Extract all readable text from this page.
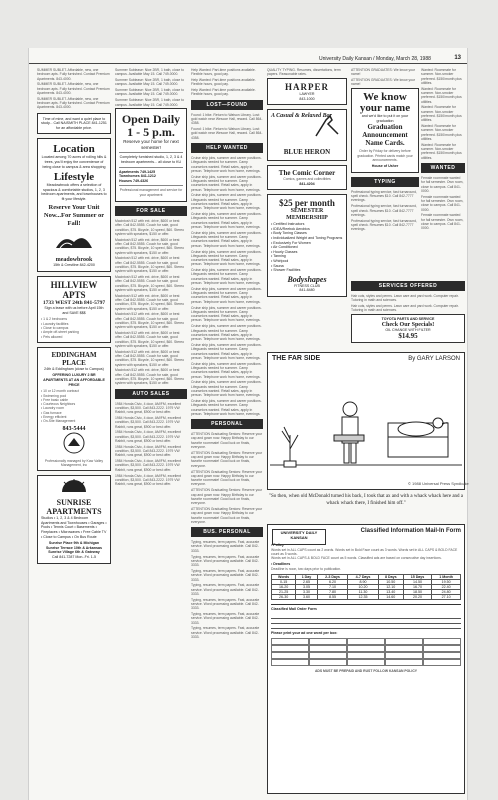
University Daily Kansan / Monday, March 28, 1988	13

SUMMER SUBLET. Affordable, new, one bedroom apts. Fully furnished. Contact Premium Apartments. 843-4000.

SUMMER SUBLET. Affordable, new, one bedroom apts. Fully furnished. Contact Premium Apartments. 843-4000.

SUMMER SUBLET. Affordable, new, one bedroom apts. Fully furnished. Contact Premium Apartments. 843-4000.

Time of mine, and want a quiet place to study... Call NAISMITH PLACE 841-1251 for an affordable price.
Location
Located among 70 acres of rolling hills & trees, you'll enjoy the convenience of being close to campus & area shopping
Lifestyle
Meadowbrook offers a selection of spacious & comfortable studios, 1, 2, 3 bedroom apartments, and townhouses to fit your lifestyle.
Reserve Your Unit Now...For Summer or Fall!
meadowbrook
15th & Crestline 842-4200
HILLVIEW APTS
1733 WEST 24th 841-5797
Sign a lease with us before April 15th and SAVE $$$
• 1 & 2 bedrooms
• Laundry facilities
• Close to campus
• Ample off-street parking
• Pets allowed
EDDINGHAM PLACE
24th & Eddingham (close to Campus)
OFFERING LUXURY 2 BR APARTMENTS AT AN AFFORDABLE PRICE
• 10 or 12 month contract
• Swimming pool
• Free basic cable
• Courteous Neighbors
• Laundry room
• Gas furnace
• Energy efficient
• On-Site Management
843-5444
Professionally managed by Kaw Valley Management, Inc
SUNRISE APARTMENTS
Studios • 1, 2, 3 & 4 Bedroom Apartments and Townhouses • Garages • Pools • Tennis Court • Basements • Fireplaces • Microwaves • Free Cable TV • Close to Campus • On Bus Route
Sunrise Place 9th & Michigan
Sunrise Terrace 10th & Arkansas
Sunrise Village 6th & Gateway
Call 841-7287 Mon.-Fri. 1-5

Summer Sublease: Nice 2BR, 1 bath, close to campus. Available May 15. Call 749-0000.

Summer Sublease: Nice 2BR, 1 bath, close to campus. Available May 15. Call 749-0000.

Summer Sublease: Nice 2BR, 1 bath, close to campus. Available May 15. Call 749-0000.

Summer Sublease: Nice 2BR, 1 bath, close to campus. Available May 15. Call 749-0000.

Open Daily 1 - 5 p.m.
Reserve your home for next semester!
Completely furnished studio, 1, 2, 3 & 4 bedroom apartments... all close to KU
Apartments 749-1425
Townhomes 841-1212
Houses 749-4326
Professional management and service for your apartment
FOR SALE

Macintosh 512 with ext. drive, $600 or best offer. Call 842-5555. Couch for sale, good condition, $75. Bicycle, 10 speed, $60. Stereo system with speakers, $150 or offer.

Macintosh 512 with ext. drive, $600 or best offer. Call 842-5555. Couch for sale, good condition, $75. Bicycle, 10 speed, $60. Stereo system with speakers, $150 or offer.

Macintosh 512 with ext. drive, $600 or best offer. Call 842-5555. Couch for sale, good condition, $75. Bicycle, 10 speed, $60. Stereo system with speakers, $150 or offer.

Macintosh 512 with ext. drive, $600 or best offer. Call 842-5555. Couch for sale, good condition, $75. Bicycle, 10 speed, $60. Stereo system with speakers, $150 or offer.

Macintosh 512 with ext. drive, $600 or best offer. Call 842-5555. Couch for sale, good condition, $75. Bicycle, 10 speed, $60. Stereo system with speakers, $150 or offer.

Macintosh 512 with ext. drive, $600 or best offer. Call 842-5555. Couch for sale, good condition, $75. Bicycle, 10 speed, $60. Stereo system with speakers, $150 or offer.

Macintosh 512 with ext. drive, $600 or best offer. Call 842-5555. Couch for sale, good condition, $75. Bicycle, 10 speed, $60. Stereo system with speakers, $150 or offer.

Macintosh 512 with ext. drive, $600 or best offer. Call 842-5555. Couch for sale, good condition, $75. Bicycle, 10 speed, $60. Stereo system with speakers, $150 or offer.

Macintosh 512 with ext. drive, $600 or best offer. Call 842-5555. Couch for sale, good condition, $75. Bicycle, 10 speed, $60. Stereo system with speakers, $150 or offer.

AUTO SALES

1984 Honda Civic, 4 door, AM/FM, excellent condition, $3,500. Call 843-2222. 1979 VW Rabbit, runs great, $900 or best offer.

1984 Honda Civic, 4 door, AM/FM, excellent condition, $3,500. Call 843-2222. 1979 VW Rabbit, runs great, $900 or best offer.

1984 Honda Civic, 4 door, AM/FM, excellent condition, $3,500. Call 843-2222. 1979 VW Rabbit, runs great, $900 or best offer.

1984 Honda Civic, 4 door, AM/FM, excellent condition, $3,500. Call 843-2222. 1979 VW Rabbit, runs great, $900 or best offer.

1984 Honda Civic, 4 door, AM/FM, excellent condition, $3,500. Call 843-2222. 1979 VW Rabbit, runs great, $900 or best offer.

1984 Honda Civic, 4 door, AM/FM, excellent condition, $3,500. Call 843-2222. 1979 VW Rabbit, runs great, $900 or best offer.

Help Wanted: Part-time positions available. Flexible hours, good pay.

Help Wanted: Part-time positions available. Flexible hours, good pay.

Help Wanted: Part-time positions available. Flexible hours, good pay.

LOST—FOUND

Found: 1 bike. Return to Watson Library. Lost: gold watch near Wescoe Hall, reward. Call 864-4358.

Found: 1 bike. Return to Watson Library. Lost: gold watch near Wescoe Hall, reward. Call 864-4358.

HELP WANTED

Cruise ship jobs, summer and career positions. Lifeguards needed for summer. Camp counselors wanted. Retail sales, apply in person. Telephone work from home, evenings.

Cruise ship jobs, summer and career positions. Lifeguards needed for summer. Camp counselors wanted. Retail sales, apply in person. Telephone work from home, evenings.

Cruise ship jobs, summer and career positions. Lifeguards needed for summer. Camp counselors wanted. Retail sales, apply in person. Telephone work from home, evenings.

Cruise ship jobs, summer and career positions. Lifeguards needed for summer. Camp counselors wanted. Retail sales, apply in person. Telephone work from home, evenings.

Cruise ship jobs, summer and career positions. Lifeguards needed for summer. Camp counselors wanted. Retail sales, apply in person. Telephone work from home, evenings.

Cruise ship jobs, summer and career positions. Lifeguards needed for summer. Camp counselors wanted. Retail sales, apply in person. Telephone work from home, evenings.

Cruise ship jobs, summer and career positions. Lifeguards needed for summer. Camp counselors wanted. Retail sales, apply in person. Telephone work from home, evenings.

Cruise ship jobs, summer and career positions. Lifeguards needed for summer. Camp counselors wanted. Retail sales, apply in person. Telephone work from home, evenings.

Cruise ship jobs, summer and career positions. Lifeguards needed for summer. Camp counselors wanted. Retail sales, apply in person. Telephone work from home, evenings.

Cruise ship jobs, summer and career positions. Lifeguards needed for summer. Camp counselors wanted. Retail sales, apply in person. Telephone work from home, evenings.

Cruise ship jobs, summer and career positions. Lifeguards needed for summer. Camp counselors wanted. Retail sales, apply in person. Telephone work from home, evenings.

Cruise ship jobs, summer and career positions. Lifeguards needed for summer. Camp counselors wanted. Retail sales, apply in person. Telephone work from home, evenings.

Cruise ship jobs, summer and career positions. Lifeguards needed for summer. Camp counselors wanted. Retail sales, apply in person. Telephone work from home, evenings.

Cruise ship jobs, summer and career positions. Lifeguards needed for summer. Camp counselors wanted. Retail sales, apply in person. Telephone work from home, evenings.

PERSONAL

ATTENTION Graduating Seniors: Reserve your cap and gown now. Happy Birthday to our favorite roommate! Good luck on finals, everyone.

ATTENTION Graduating Seniors: Reserve your cap and gown now. Happy Birthday to our favorite roommate! Good luck on finals, everyone.

ATTENTION Graduating Seniors: Reserve your cap and gown now. Happy Birthday to our favorite roommate! Good luck on finals, everyone.

ATTENTION Graduating Seniors: Reserve your cap and gown now. Happy Birthday to our favorite roommate! Good luck on finals, everyone.

ATTENTION Graduating Seniors: Reserve your cap and gown now. Happy Birthday to our favorite roommate! Good luck on finals, everyone.

BUS. PERSONAL

Typing, resumes, term papers. Fast, accurate service. Word processing available. Call 842-3333.

Typing, resumes, term papers. Fast, accurate service. Word processing available. Call 842-3333.

Typing, resumes, term papers. Fast, accurate service. Word processing available. Call 842-3333.

Typing, resumes, term papers. Fast, accurate service. Word processing available. Call 842-3333.

Typing, resumes, term papers. Fast, accurate service. Word processing available. Call 842-3333.

Typing, resumes, term papers. Fast, accurate service. Word processing available. Call 842-3333.

Typing, resumes, term papers. Fast, accurate service. Word processing available. Call 842-3333.

QUALITY TYPING. Resumes, dissertations, term papers. Reasonable rates.

HARPER
LAWYER
843-1000
A Casual & Relaxed Bar
BLUE HERON
The Comic Corner
Comics, games and collectibles
841-4204
$25 per month
SEMESTER MEMBERSHIP
• Certified Instructors
• IDEA/Reebok Aerobics
• Body Toning Classes
• Individualized Weight and Toning Programs
• Exclusively For Women
• Air Conditioned
• Hourly Classes
• Tanning
• Whirlpool
• Sauna
• Shower Facilities
Bodyshapes
FITNESS CLUB
841-8480

ATTENTION GRADUATES: We know your name!

ATTENTION GRADUATES: We know your name!

We know your name
and we'd like to put it on your graduation
Graduation Announcement Name Cards.
Order by Friday for delivery before graduation. Printed cards match your announcements.
House of Usher
TYPING

Professional typing service, fast turnaround, spell check. Resumes $10. Call 842-7777 evenings.

Professional typing service, fast turnaround, spell check. Resumes $10. Call 842-7777 evenings.

Professional typing service, fast turnaround, spell check. Resumes $10. Call 842-7777 evenings.

Wanted: Roommate for summer. Non-smoker preferred. $150/month plus utilities.

Wanted: Roommate for summer. Non-smoker preferred. $150/month plus utilities.

Wanted: Roommate for summer. Non-smoker preferred. $150/month plus utilities.

Wanted: Roommate for summer. Non-smoker preferred. $150/month plus utilities.

Wanted: Roommate for summer. Non-smoker preferred. $150/month plus utilities.

WANTED

Female roommate wanted for fall semester. Own room, close to campus. Call 841-0000.

Female roommate wanted for fall semester. Own room, close to campus. Call 841-0000.

Female roommate wanted for fall semester. Own room, close to campus. Call 841-0000.

THE FAR SIDE	By GARY LARSON
© 1988 Universal Press Syndicate
"So then, when old McDonald turned his back, I took that ax and with a whack whack here and a whack whack there, I finished him off."
UNIVERSITY DAILY KANSAN
Classified Information Mail-In Form
• Policy
Words set in ALL CAPS count as 2 words. Words set in Bold Face count as 3 words. Words set in ALL CAPS & BOLD FACE count as 5 words.
Words set in ALL CAPS & BOLD FACE count as 5 words. Classified ads are based on consecutive day insertions.
• Deadlines
Deadline is noon, two days prior to publication.
Words	1 Day	2-3 Days	4-7 Days	8 Days	15 Days	1 Month
0-15	2.65	6.20	8.90	10.50	14.50	19.50
16-20	3.05	7.10	10.20	12.10	16.70	22.40
21-25	3.30	7.80	11.30	13.40	18.50	24.80
26-30	3.60	8.55	12.35	14.60	20.20	27.10
Classified Mail Order Form
Please print your ad one word per box:
ADS MUST BE PREPAID AND RUST FOLLOW KANSAN POLICY
SERVICES OFFERED

Hair cuts, styles and perms. Lawn care and yard work. Computer repair. Tutoring in math and sciences.

Hair cuts, styles and perms. Lawn care and yard work. Computer repair. Tutoring in math and sciences.

TOYOTA PARTS AND SERVICE
Check Our Specials!
OIL CHANGE WITH FILTER
$14.95
